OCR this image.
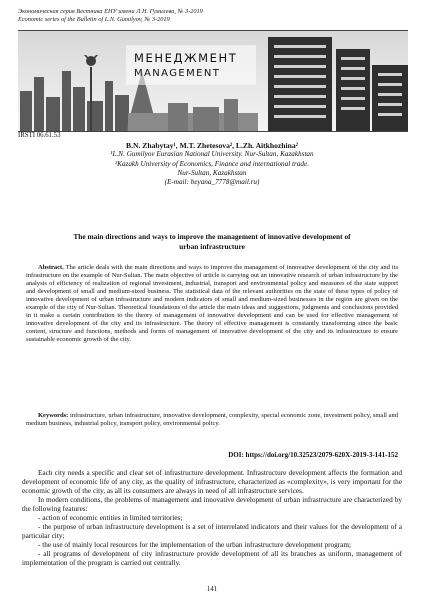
Экономическая серия Вестника ЕНУ имени Л.Н. Гумилева, № 3-2019
Economic series of the Bulletin of L.N. Gumilyov, № 3-2019
МЕНЕДЖМЕНТ
MANAGEMENT
IRSTI 06.61.53
B.N. Zhabytay¹, M.T. Zhetesova², L.Zh. Aitkhozhina²
¹L.N. Gumilyov Eurasian National University. Nur-Sultan, Kazakhstan
²Kazakh University of Economics, Finance and international trade.
Nur-Sultan, Kazakhstan
(E-mail: beyana_7778@mail.ru)
The main directions and ways to improve the management of innovative development of urban infrastructure
Abstract. The article deals with the main directions and ways to improve the management of innovative development of the city and its infrastructure on the example of Nur-Sultan. The main objective of article is carrying out an innovative research of urban infrastructure by the analysis of efficiency of realization of regional investment, industrial, transport and environmental policy and measures of the state support and development of small and medium-sized business. The statistical data of the relevant authorities on the state of these types of policy of innovative development of urban infrastructure and modern indicators of small and medium-sized businesses in the region are given on the example of the city of Nur-Sultan. Theoretical foundations of the article the main ideas and suggestions, judgments and conclusions provided in it make a certain contribution to the theory of management of innovative development and can be used for effective management of innovative development of the city and its infrastructure. The theory of effective management is constantly transforming since the basic content, structure and functions, methods and forms of management of innovative development of the city and its infrastructure to ensure sustainable economic growth of the city.
Keywords: infrastructure, urban infrastructure, innovative development, complexity, special economic zone, investment policy, small and medium business, industrial policy, transport policy, environmental policy.
DOI: https://doi.org/10.32523/2079-620X-2019-3-141-152

Each city needs a specific and clear set of infrastructure development. Infrastructure development affects the formation and development of economic life of any city, as the quality of infrastructure, characterized as «complexity», is very important for the economic growth of the city, as all its consumers are always in need of all infrastructure services.

In modern conditions, the problems of management and innovative development of urban infrastructure are characterized by the following features:

- action of economic entities in limited territories;

- the purpose of urban infrastructure development is a set of interrelated indicators and their values for the development of a particular city;

- the use of mainly local resources for the implementation of the urban infrastructure development program;

- all programs of development of city infrastructure provide development of all its branches as uniform, management of implementation of the program is carried out centrally.

141
